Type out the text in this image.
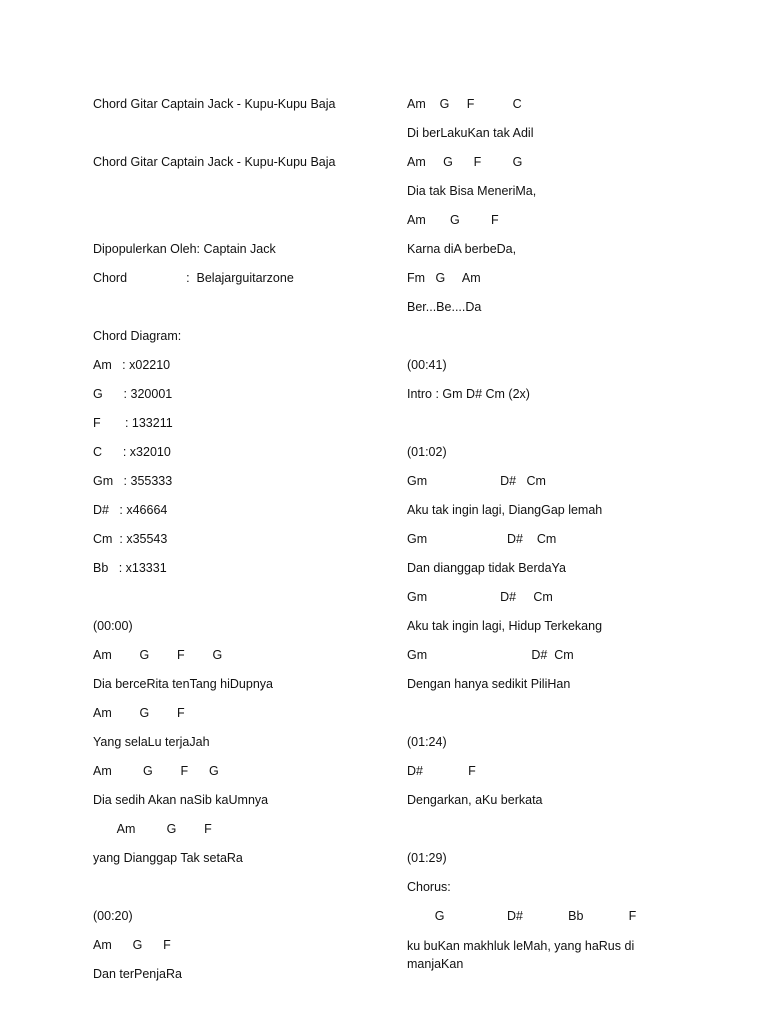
Chord Gitar Captain Jack - Kupu-Kupu Baja
Chord Gitar Captain Jack - Kupu-Kupu Baja
Dipopulerkan Oleh: Captain Jack
Chord                 :  Belajarguitarzone
Chord Diagram:
Am   : x02210
G      : 320001
F       : 133211
C      : x32010
Gm   : 355333
D#   : x46664
Cm  : x35543
Bb   : x13331
(00:00)
Am        G        F        G
Dia berceRita tenTang hiDupnya
Am        G        F
Yang selaLu terjaJah
Am         G        F      G
Dia sedih Akan naSib kaUmnya
Am         G        F
yang Dianggap Tak setaRa
(00:20)
Am      G      F
Dan terPenjaRa
Am    G     F           C
Di berLakuKan tak Adil
Am     G      F         G
Dia tak Bisa MeneriMa,
Am       G         F
Karna diA berbeDa,
Fm   G     Am
Ber...Be....Da
(00:41)
Intro : Gm D# Cm (2x)
(01:02)
Gm                     D#   Cm
Aku tak ingin lagi, DiangGap lemah
Gm                       D#    Cm
Dan dianggap tidak BerdaYa
Gm                     D#     Cm
Aku tak ingin lagi, Hidup Terkekang
Gm                              D#  Cm
Dengan hanya sedikit PiliHan
(01:24)
D#             F
Dengarkan, aKu berkata
(01:29)
Chorus:
G                  D#             Bb             F
ku buKan makhluk leMah, yang haRus di manjaKan
